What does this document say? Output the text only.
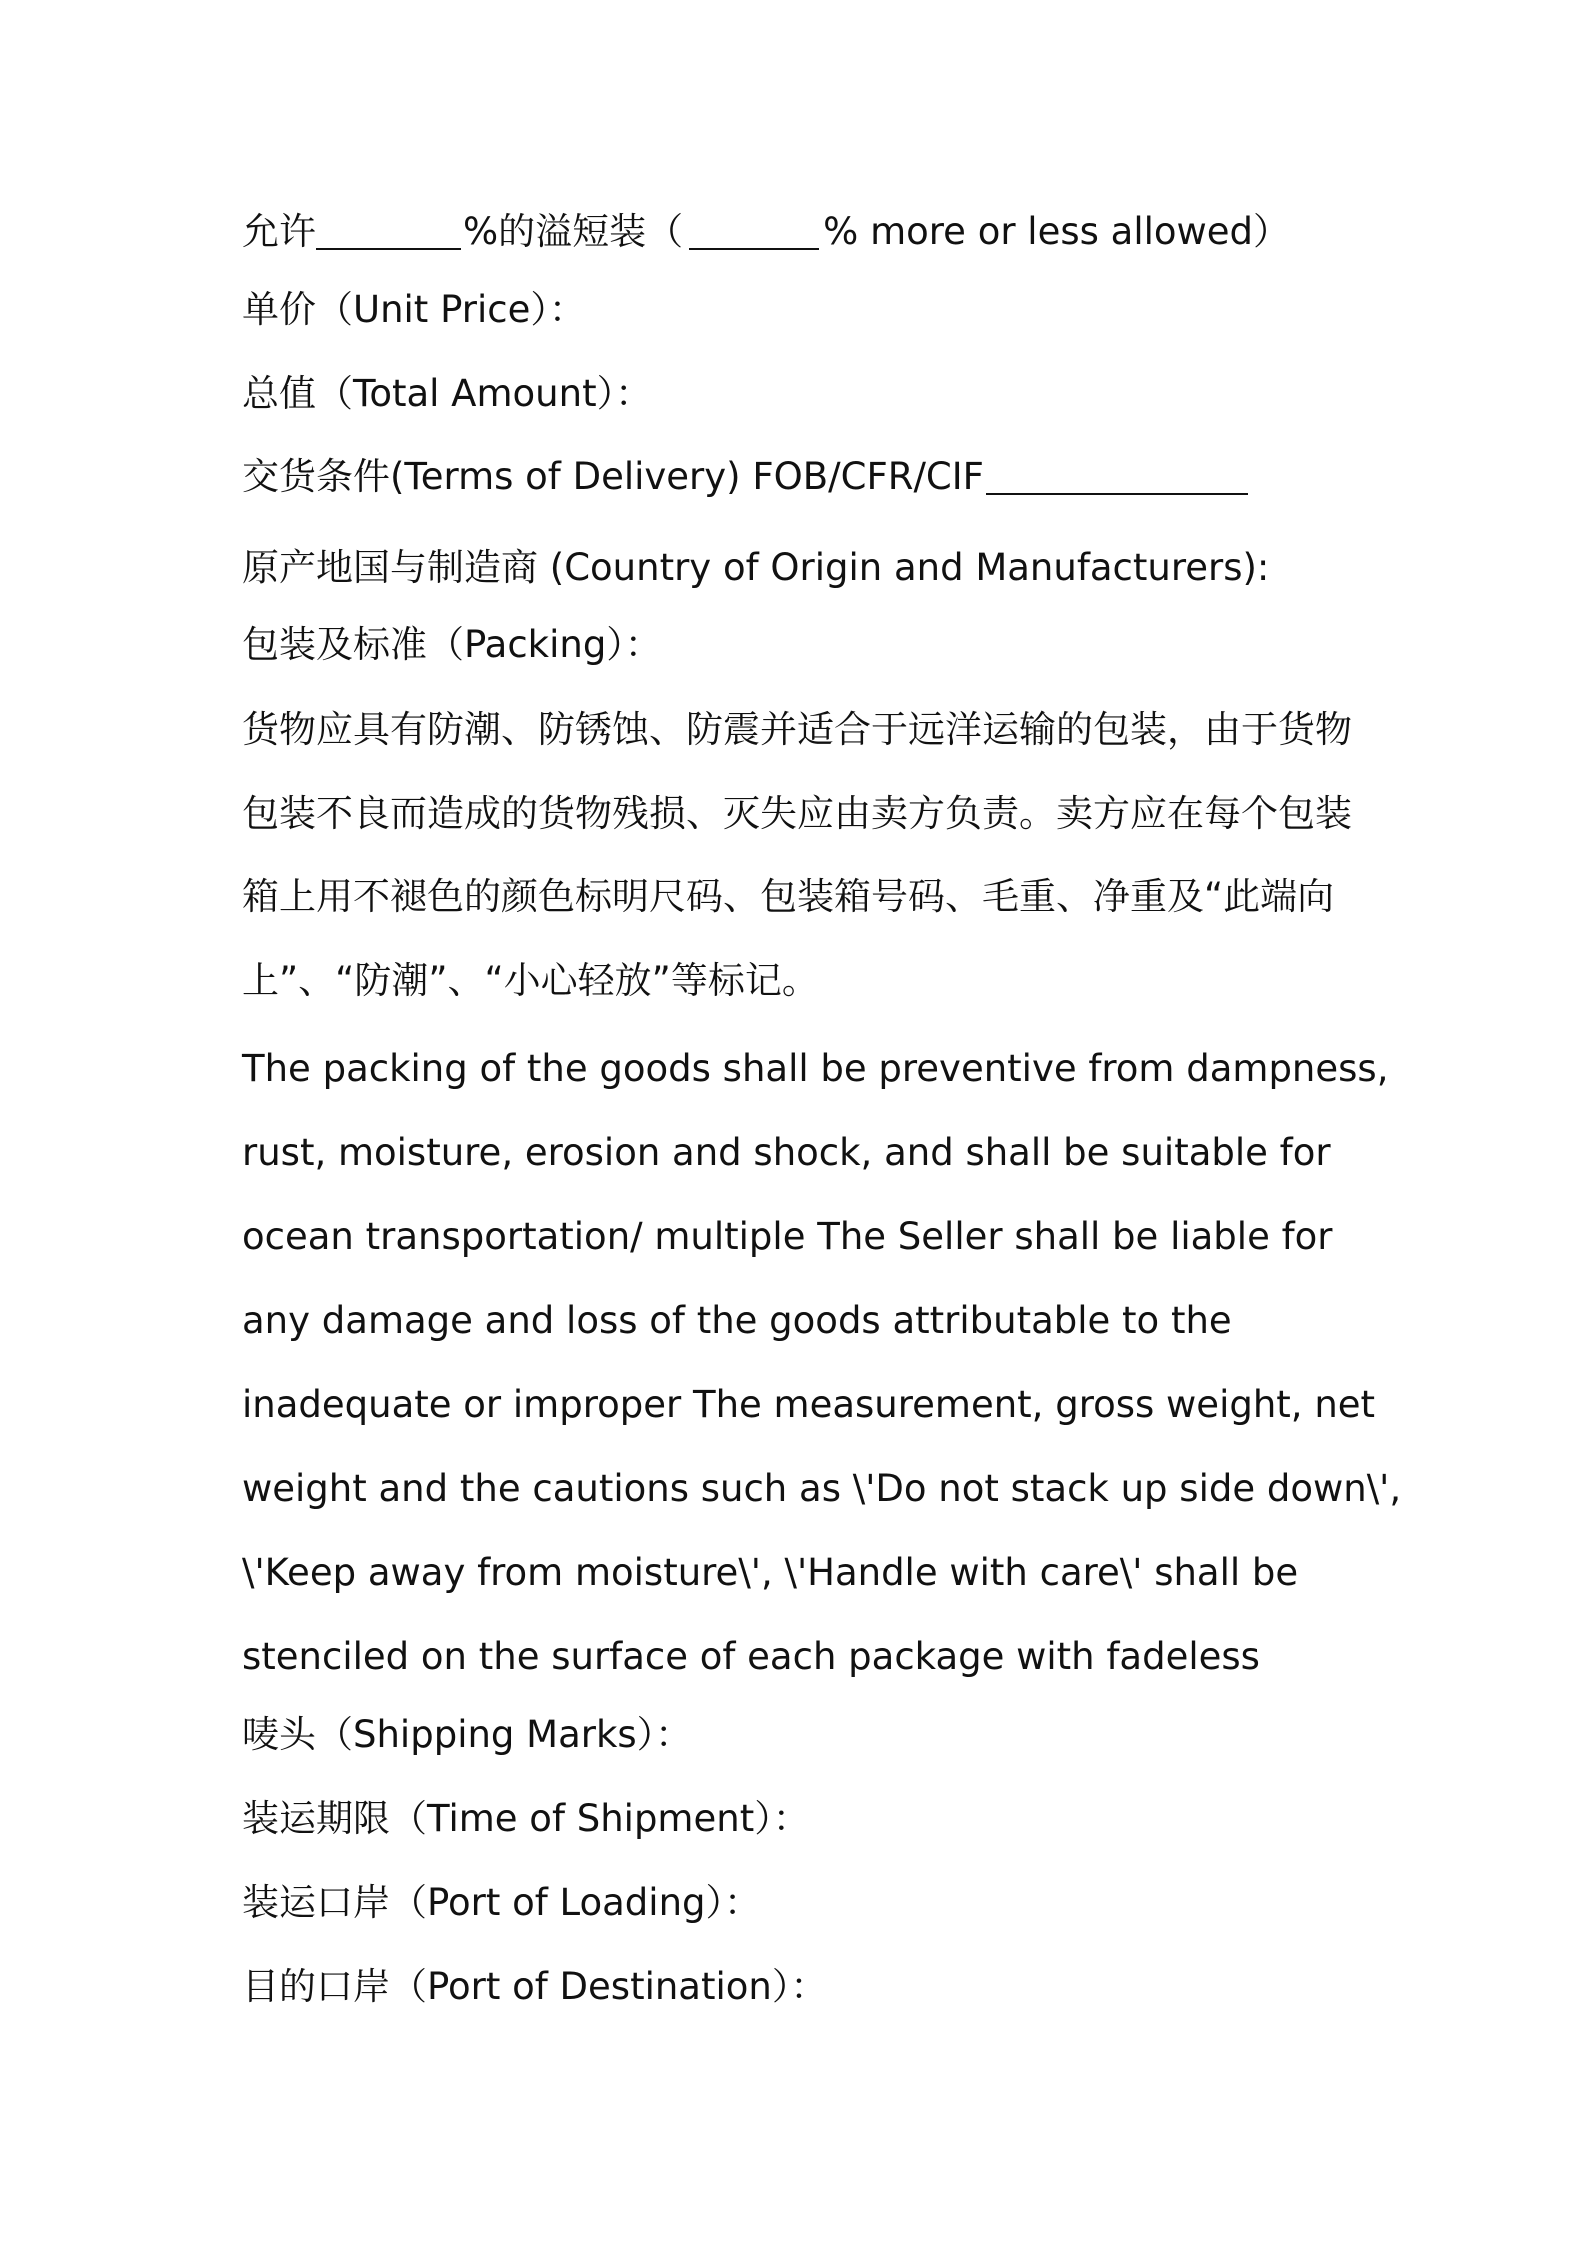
允许	%的溢短装（	% more or less allowed）
单价（Unit Price）：
总值（Total Amount）：
交货条件(Terms of Delivery) FOB/CFR/CIF
原产地国与制造商 (Country of Origin and Manufacturers):
包装及标准（Packing）：
货物应具有防潮、防锈蚀、防震并适合于远洋运输的包装，由于货物
包装不良而造成的货物残损、灭失应由卖方负责。卖方应在每个包装
箱上用不褪色的颜色标明尺码、包装箱号码、毛重、净重及“此端向
上”、“防潮”、“小心轻放”等标记。
The packing of the goods shall be preventive from dampness,
rust, moisture, erosion and shock, and shall be suitable for
ocean transportation/ multiple The Seller shall be liable for
any damage and loss of the goods attributable to the
inadequate or improper The measurement, gross weight, net
weight and the cautions such as \'Do not stack up side down\',
\'Keep away from moisture\', \'Handle with care\' shall be
stenciled on the surface of each package with fadeless
唛头（Shipping Marks）：
装运期限（Time of Shipment）：
装运口岸（Port of Loading）：
目的口岸（Port of Destination）：
